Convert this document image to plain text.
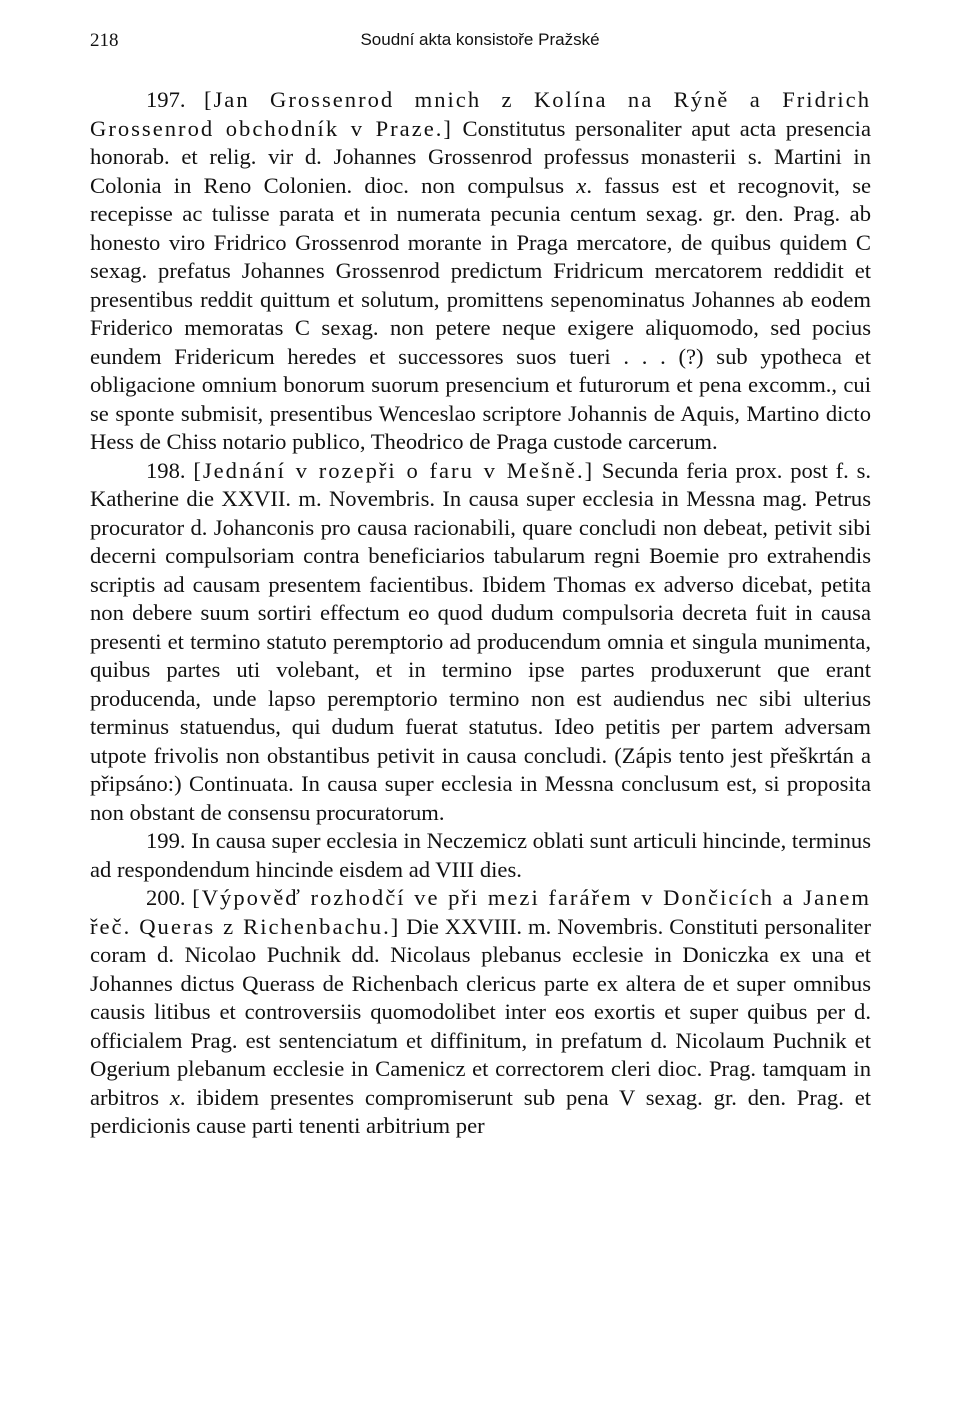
218	Soudní akta konsistoře Pražské

197. [Jan Grossenrod mnich z Kolína na Rýně a Fridrich Grossenrod obchodník v Praze.] Constitutus personaliter aput acta presencia honorab. et relig. vir d. Johannes Grossenrod professus monasterii s. Martini in Colonia in Reno Colonien. dioc. non compulsus x. fassus est et recognovit, se recepisse ac tulisse parata et in numerata pecunia centum sexag. gr. den. Prag. ab honesto viro Fridrico Grossenrod morante in Praga mercatore, de quibus quidem C sexag. prefatus Johannes Grossenrod predictum Fridricum mercatorem reddidit et presentibus reddit quittum et solutum, promittens sepenominatus Johannes ab eodem Friderico memoratas C sexag. non petere neque exigere aliquomodo, sed pocius eundem Fridericum heredes et successores suos tueri . . . (?) sub ypotheca et obligacione omnium bonorum suorum presencium et futurorum et pena excomm., cui se sponte submisit, presentibus Wenceslao scriptore Johannis de Aquis, Martino dicto Hess de Chiss notario publico, Theodrico de Praga custode carcerum.

198. [Jednání v rozepři o faru v Mešně.] Secunda feria prox. post f. s. Katherine die XXVII. m. Novembris. In causa super ecclesia in Messna mag. Petrus procurator d. Johanconis pro causa racionabili, quare concludi non debeat, petivit sibi decerni compulsoriam contra beneficiarios tabularum regni Boemie pro extrahendis scriptis ad causam presentem facientibus. Ibidem Thomas ex adverso dicebat, petita non debere suum sortiri effectum eo quod dudum compulsoria decreta fuit in causa presenti et termino statuto peremptorio ad producendum omnia et singula munimenta, quibus partes uti volebant, et in termino ipse partes produxerunt que erant producenda, unde lapso peremptorio termino non est audiendus nec sibi ulterius terminus statuendus, qui dudum fuerat statutus. Ideo petitis per partem adversam utpote frivolis non obstantibus petivit in causa concludi. (Zápis tento jest přeškrtán a připsáno:) Continuata. In causa super ecclesia in Messna conclusum est, si proposita non obstant de consensu procuratorum.

199. In causa super ecclesia in Neczemicz oblati sunt articuli hincinde, terminus ad respondendum hincinde eisdem ad VIII dies.

200. [Výpověď rozhodčí ve při mezi farářem v Dončicích a Janem řeč. Queras z Richenbachu.] Die XXVIII. m. Novembris. Constituti personaliter coram d. Nicolao Puchnik dd. Nicolaus plebanus ecclesie in Doniczka ex una et Johannes dictus Querass de Richenbach clericus parte ex altera de et super omnibus causis litibus et controversiis quomodolibet inter eos exortis et super quibus per d. officialem Prag. est sentenciatum et diffinitum, in prefatum d. Nicolaum Puchnik et Ogerium plebanum ecclesie in Camenicz et correctorem cleri dioc. Prag. tamquam in arbitros x. ibidem presentes compromiserunt sub pena V sexag. gr. den. Prag. et perdicionis cause parti tenenti arbitrium per
